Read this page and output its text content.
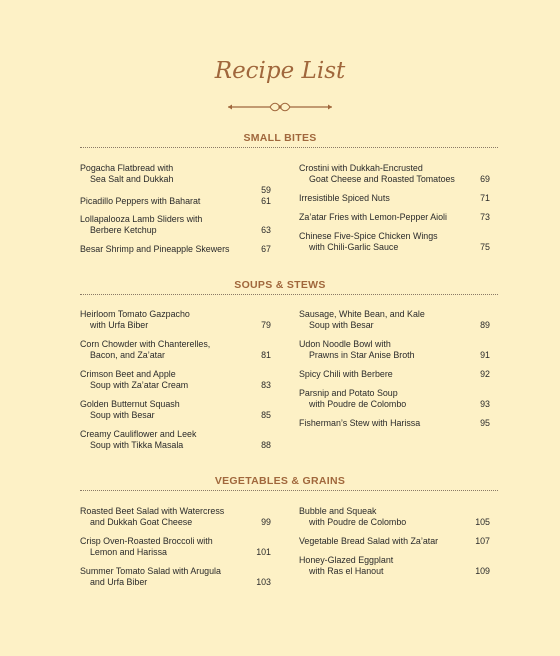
Recipe List
SMALL BITES
Pogacha Flatbread with
Sea Salt and Dukkah
59
Picadillo Peppers with Baharat	61
Lollapalooza Lamb Sliders with
Berbere Ketchup	63
Besar Shrimp and Pineapple Skewers	67
Crostini with Dukkah-Encrusted
Goat Cheese and Roasted Tomatoes	69
Irresistible Spiced Nuts	71
Za’atar Fries with Lemon-Pepper Aioli	73
Chinese Five-Spice Chicken Wings
with Chili-Garlic Sauce	75
SOUPS & STEWS
Heirloom Tomato Gazpacho
with Urfa Biber	79
Corn Chowder with Chanterelles,
Bacon, and Za’atar	81
Crimson Beet and Apple
Soup with Za’atar Cream	83
Golden Butternut Squash
Soup with Besar	85
Creamy Cauliflower and Leek
Soup with Tikka Masala	88
Sausage, White Bean, and Kale
Soup with Besar	89
Udon Noodle Bowl with
Prawns in Star Anise Broth	91
Spicy Chili with Berbere	92
Parsnip and Potato Soup
with Poudre de Colombo	93
Fisherman’s Stew with Harissa	95
VEGETABLES & GRAINS
Roasted Beet Salad with Watercress
and Dukkah Goat Cheese	99
Crisp Oven-Roasted Broccoli with
Lemon and Harissa	101
Summer Tomato Salad with Arugula
and Urfa Biber	103
Bubble and Squeak
with Poudre de Colombo	105
Vegetable Bread Salad with Za’atar	107
Honey-Glazed Eggplant
with Ras el Hanout	109
